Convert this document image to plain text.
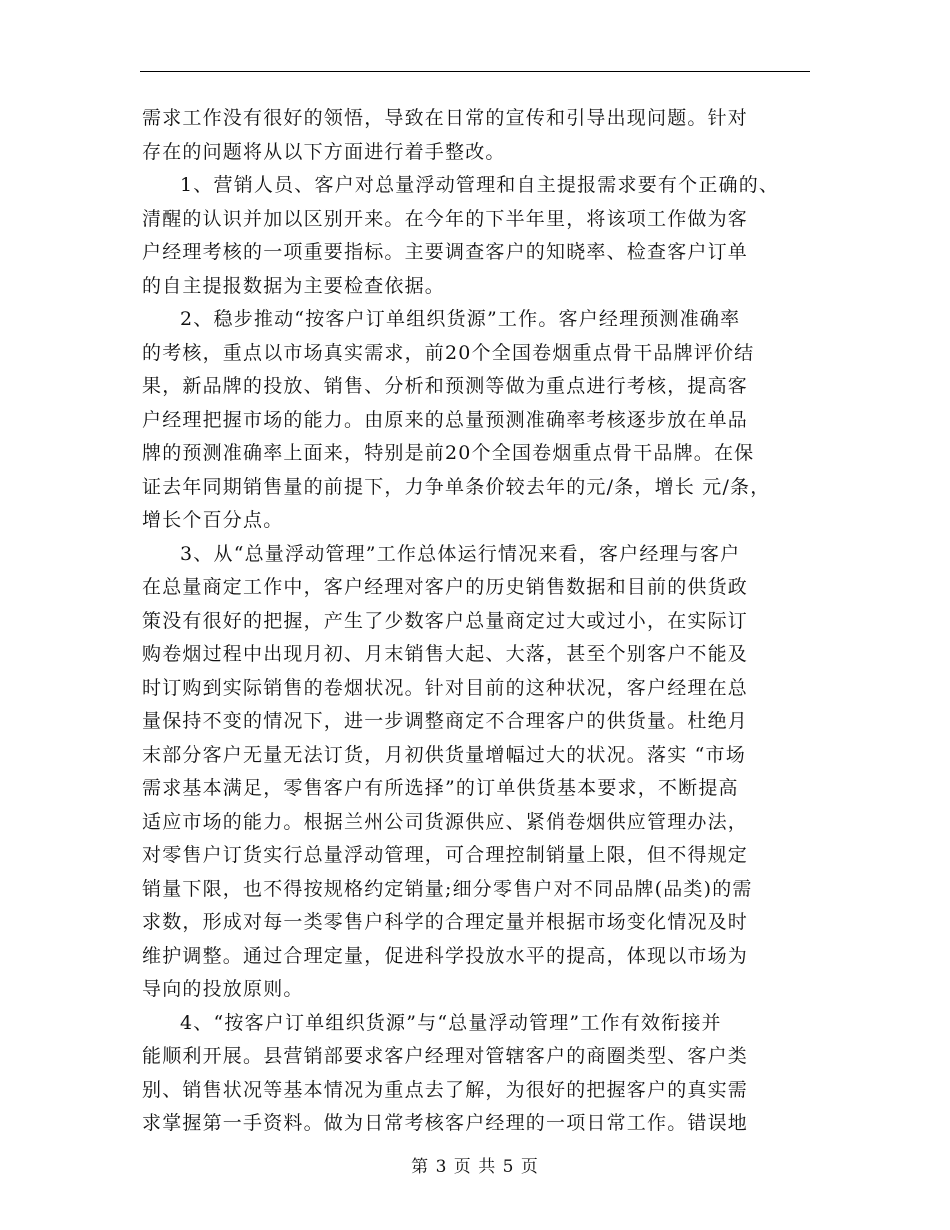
需求工作没有很好的领悟，导致在日常的宣传和引导出现问题。针对
存在的问题将从以下方面进行着手整改。
1、营销人员、客户对总量浮动管理和自主提报需求要有个正确的、
清醒的认识并加以区别开来。在今年的下半年里，将该项工作做为客
户经理考核的一项重要指标。主要调查客户的知晓率、检查客户订单
的自主提报数据为主要检查依据。
2、稳步推动“按客户订单组织货源”工作。客户经理预测准确率
的考核，重点以市场真实需求，前20个全国卷烟重点骨干品牌评价结
果，新品牌的投放、销售、分析和预测等做为重点进行考核，提高客
户经理把握市场的能力。由原来的总量预测准确率考核逐步放在单品
牌的预测准确率上面来，特别是前20个全国卷烟重点骨干品牌。在保
证去年同期销售量的前提下，力争单条价较去年的元/条，增长 元/条，
增长个百分点。
3、从“总量浮动管理”工作总体运行情况来看，客户经理与客户
在总量商定工作中，客户经理对客户的历史销售数据和目前的供货政
策没有很好的把握，产生了少数客户总量商定过大或过小，在实际订
购卷烟过程中出现月初、月末销售大起、大落，甚至个别客户不能及
时订购到实际销售的卷烟状况。针对目前的这种状况，客户经理在总
量保持不变的情况下，进一步调整商定不合理客户的供货量。杜绝月
末部分客户无量无法订货，月初供货量增幅过大的状况。落实 “市场
需求基本满足，零售客户有所选择”的订单供货基本要求，不断提高
适应市场的能力。根据兰州公司货源供应、紧俏卷烟供应管理办法，
对零售户订货实行总量浮动管理，可合理控制销量上限，但不得规定
销量下限，也不得按规格约定销量;细分零售户对不同品牌(品类)的需
求数，形成对每一类零售户科学的合理定量并根据市场变化情况及时
维护调整。通过合理定量，促进科学投放水平的提高，体现以市场为
导向的投放原则。
4、“按客户订单组织货源”与“总量浮动管理”工作有效衔接并
能顺利开展。县营销部要求客户经理对管辖客户的商圈类型、客户类
别、销售状况等基本情况为重点去了解，为很好的把握客户的真实需
求掌握第一手资料。做为日常考核客户经理的一项日常工作。错误地
第 3 页 共 5 页
